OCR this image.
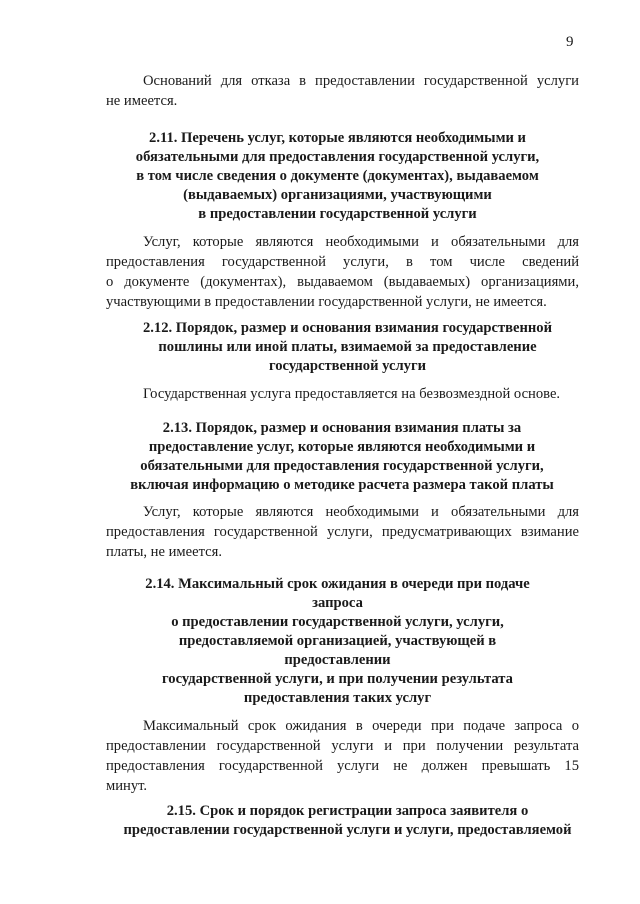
9
Оснований для отказа в предоставлении государственной услуги
не имеется.
2.11. Перечень услуг, которые являются необходимыми и
обязательными для предоставления государственной услуги,
в том числе сведения о документе (документах), выдаваемом
(выдаваемых) организациями, участвующими
в предоставлении государственной услуги
Услуг, которые являются необходимыми и обязательными для
предоставления государственной услуги, в том числе сведений
о документе (документах), выдаваемом (выдаваемых) организациями,
участвующими в предоставлении государственной услуги, не имеется.
2.12. Порядок, размер и основания взимания государственной
пошлины или иной платы, взимаемой за предоставление
государственной услуги
Государственная услуга предоставляется на безвозмездной основе.
2.13. Порядок, размер и основания взимания платы за
предоставление услуг, которые являются необходимыми и
обязательными для предоставления государственной услуги,
включая информацию о методике расчета размера такой платы
Услуг, которые являются необходимыми и обязательными для
предоставления государственной услуги, предусматривающих взимание
платы, не имеется.
2.14. Максимальный срок ожидания в очереди при подаче
запроса
о предоставлении государственной услуги, услуги,
предоставляемой организацией, участвующей в
предоставлении
государственной услуги, и при получении результата
предоставления таких услуг
Максимальный срок ожидания в очереди при подаче запроса о
предоставлении государственной услуги и при получении результата
предоставления государственной услуги не должен превышать 15
минут.
2.15. Срок и порядок регистрации запроса заявителя о
предоставлении государственной услуги и услуги, предоставляемой
